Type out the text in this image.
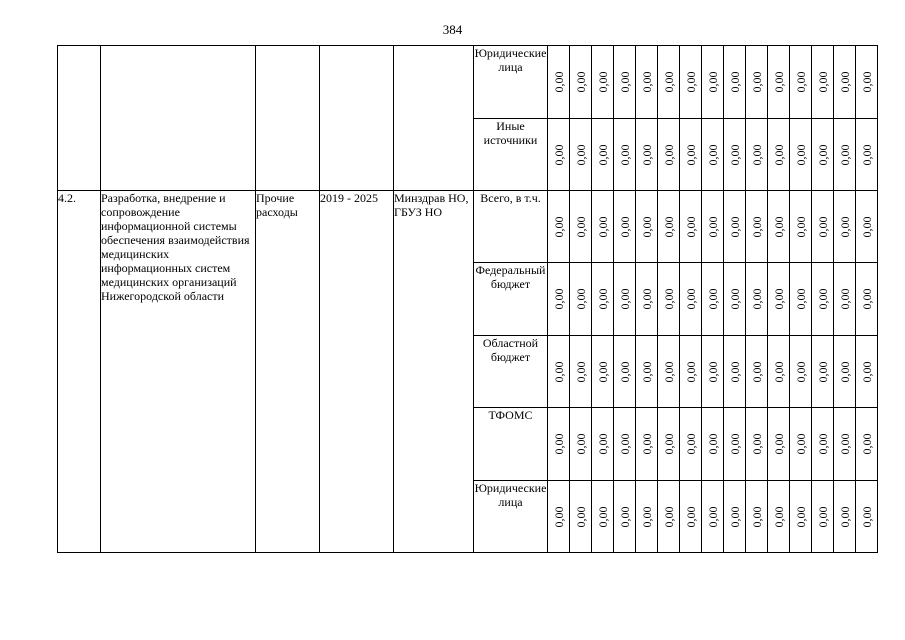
384
					Юридические лица	0,00	0,00	0,00	0,00	0,00	0,00	0,00	0,00	0,00	0,00	0,00	0,00	0,00	0,00	0,00

					Иные источники	0,00	0,00	0,00	0,00	0,00	0,00	0,00	0,00	0,00	0,00	0,00	0,00	0,00	0,00	0,00

4.2.	Разработка, внедрение и сопровождение информационной системы обеспечения взаимодействия медицинских информационных систем медицинских организаций Нижегородской области	Прочие расходы	2019 - 2025	Минздрав НО, ГБУЗ НО	Всего, в т.ч.	0,00	0,00	0,00	0,00	0,00	0,00	0,00	0,00	0,00	0,00	0,00	0,00	0,00	0,00	0,00

					Федеральный бюджет	0,00	0,00	0,00	0,00	0,00	0,00	0,00	0,00	0,00	0,00	0,00	0,00	0,00	0,00	0,00

					Областной бюджет	0,00	0,00	0,00	0,00	0,00	0,00	0,00	0,00	0,00	0,00	0,00	0,00	0,00	0,00	0,00

					ТФОМС	0,00	0,00	0,00	0,00	0,00	0,00	0,00	0,00	0,00	0,00	0,00	0,00	0,00	0,00	0,00

					Юридические лица	0,00	0,00	0,00	0,00	0,00	0,00	0,00	0,00	0,00	0,00	0,00	0,00	0,00	0,00	0,00
